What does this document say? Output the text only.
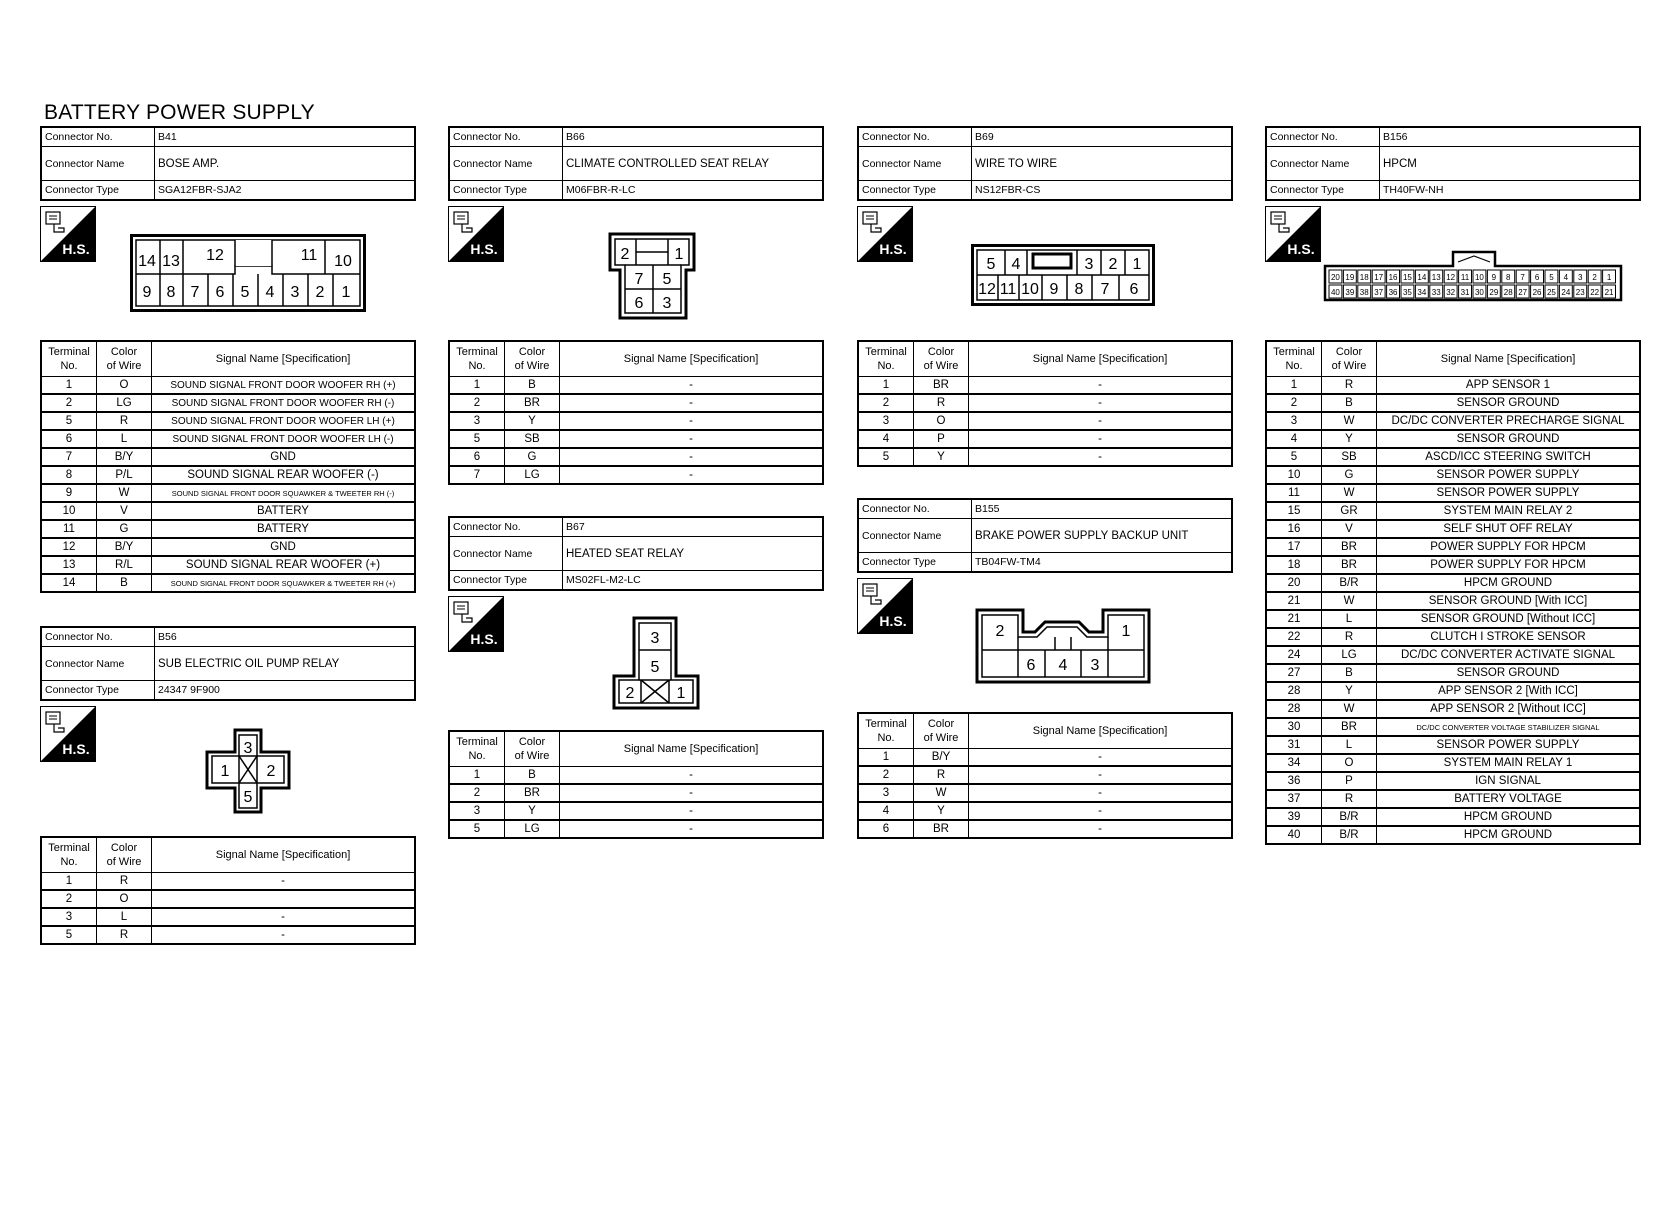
BATTERY POWER SUPPLY
Connector No.	B41
Connector Name	BOSE AMP.
Connector Type	SGA12FBR-SJA2
H.S.
14 13 12	11 10
9 8 7 6 5 4 3 2 1
Terminal
No.	Color
of Wire	Signal Name [Specification]
1	O	SOUND SIGNAL FRONT DOOR WOOFER RH (+)
2	LG	SOUND SIGNAL FRONT DOOR WOOFER RH (-)
5	R	SOUND SIGNAL FRONT DOOR WOOFER LH (+)
6	L	SOUND SIGNAL FRONT DOOR WOOFER LH (-)
7	B/Y	GND
8	P/L	SOUND SIGNAL REAR WOOFER (-)
9	W	SOUND SIGNAL FRONT DOOR SQUAWKER & TWEETER RH (-)
10	V	BATTERY
11	G	BATTERY
12	B/Y	GND
13	R/L	SOUND SIGNAL REAR WOOFER (+)
14	B	SOUND SIGNAL FRONT DOOR SQUAWKER & TWEETER RH (+)
Connector No.	B56
Connector Name	SUB ELECTRIC OIL PUMP RELAY
Connector Type	24347 9F900
H.S.	3
1 2
5
Terminal
No.	Color
of Wire	Signal Name [Specification]
1	R	-
2	O	
3	L	-
5	R	-
Connector No.	B66
Connector Name	CLIMATE CONTROLLED SEAT RELAY
Connector Type	M06FBR-R-LC
H.S.	2	1
7 5
6 3
Terminal
No.	Color
of Wire	Signal Name [Specification]
1	B	-
2	BR	-
3	Y	-
5	SB	-
6	G	-
7	LG	-
Connector No.	B67
Connector Name	HEATED SEAT RELAY
Connector Type	MS02FL-M2-LC
H.S.	3
5
2	1
Terminal
No.	Color
of Wire	Signal Name [Specification]
1	B	-
2	BR	-
3	Y	-
5	LG	-
Connector No.	B69
Connector Name	WIRE TO WIRE
Connector Type	NS12FBR-CS
H.S.
5 4	3 2 1
12 11 10 9 8 7 6
Terminal
No.	Color
of Wire	Signal Name [Specification]
1	BR	-
2	R	-
3	O	-
4	P	-
5	Y	-
Connector No.	B155
Connector Name	BRAKE POWER SUPPLY BACKUP UNIT
Connector Type	TB04FW-TM4
H.S.
2	1
6 4 3
Terminal
No.	Color
of Wire	Signal Name [Specification]
1	B/Y	-
2	R	-
3	W	-
4	Y	-
6	BR	-
Connector No.	B156
Connector Name	HPCM
Connector Type	TH40FW-NH
H.S.
20 19 18 17 16 15 14 13 12 11 10 9 8 7 6 5 4 3 2 1
40 39 38 37 36 35 34 33 32 31 30 29 28 27 26 25 24 23 22 21
Terminal
No.	Color
of Wire	Signal Name [Specification]
1	R	APP SENSOR 1
2	B	SENSOR GROUND
3	W	DC/DC CONVERTER PRECHARGE SIGNAL
4	Y	SENSOR GROUND
5	SB	ASCD/ICC STEERING SWITCH
10	G	SENSOR POWER SUPPLY
11	W	SENSOR POWER SUPPLY
15	GR	SYSTEM MAIN RELAY 2
16	V	SELF SHUT OFF RELAY
17	BR	POWER SUPPLY FOR HPCM
18	BR	POWER SUPPLY FOR HPCM
20	B/R	HPCM GROUND
21	W	SENSOR GROUND [With ICC]
21	L	SENSOR GROUND [Without ICC]
22	R	CLUTCH I STROKE SENSOR
24	LG	DC/DC CONVERTER ACTIVATE SIGNAL
27	B	SENSOR GROUND
28	Y	APP SENSOR 2 [With ICC]
28	W	APP SENSOR 2 [Without ICC]
30	BR	DC/DC CONVERTER VOLTAGE STABILIZER SIGNAL
31	L	SENSOR POWER SUPPLY
34	O	SYSTEM MAIN RELAY 1
36	P	IGN SIGNAL
37	R	BATTERY VOLTAGE
39	B/R	HPCM GROUND
40	B/R	HPCM GROUND
